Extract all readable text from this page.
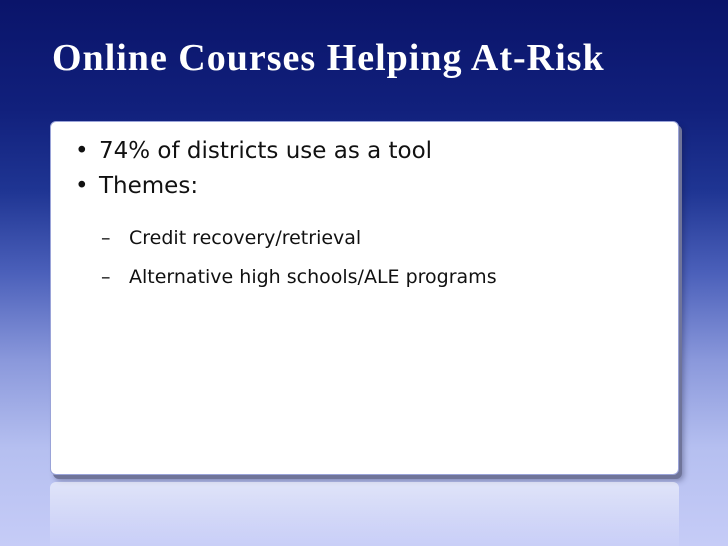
Online Courses Helping At-Risk
• 74% of districts use as a tool
• Themes:
– Credit recovery/retrieval
– Alternative high schools/ALE programs
